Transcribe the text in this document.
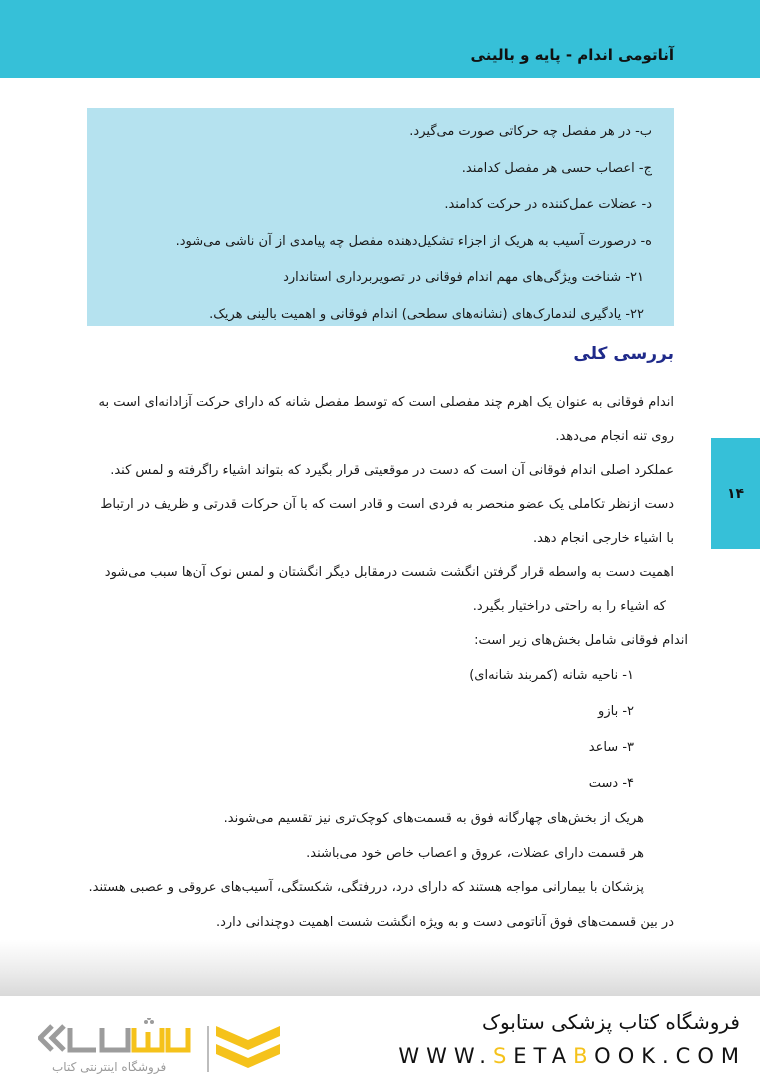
آناتومی اندام - پایه و بالینی
ب- در هر مفصل چه حرکاتی صورت می‌گیرد.
ج- اعصاب حسی هر مفصل کدامند.
د- عضلات عمل‌کننده در حرکت کدامند.
ه- درصورت آسیب به هریک از اجزاء تشکیل‌دهنده مفصل چه پیامدی از آن ناشی می‌شود.
۲۱- شناخت ویژگی‌های مهم اندام فوقانی در تصویربرداری استاندارد
۲۲- یادگیری لندمارک‌های (نشانه‌های سطحی) اندام فوقانی و اهمیت بالینی هریک.
بررسی کلی
اندام فوقانی به عنوان یک اهرم چند مفصلی است که توسط مفصل شانه که دارای حرکت آزادانه‌ای است به
روی تنه انجام می‌دهد.
عملکرد اصلی اندام فوقانی آن است که دست در موقعیتی قرار بگیرد که بتواند اشیاء راگرفته و لمس کند.
دست ازنظر تکاملی یک عضو منحصر به فردی است و قادر است که با آن حرکات قدرتی و ظریف در ارتباط
با اشیاء خارجی انجام دهد.
اهمیت دست به واسطه قرار گرفتن انگشت شست درمقابل دیگر انگشتان و لمس نوک آن‌ها سبب می‌شود
که اشیاء را به راحتی دراختیار بگیرد.
اندام فوقانی شامل بخش‌های زیر است:
۱- ناحیه شانه (کمربند شانه‌ای)
۲- بازو
۳- ساعد
۴- دست
هریک از بخش‌های چهارگانه فوق به قسمت‌های کوچک‌تری نیز تقسیم می‌شوند.
هر قسمت دارای عضلات، عروق و اعصاب خاص خود می‌باشند.
پزشکان با بیمارانی مواجه هستند که دارای درد، دررفتگی، شکستگی، آسیب‌های عروقی و عصبی هستند.
در بین قسمت‌های فوق آناتومی دست و به ویژه انگشت شست اهمیت دوچندانی دارد.
۱۴
فروشگاه کتاب پزشکی ستابوک
WWW.SETABOOK.COM
فروشگاه اینترنتی کتاب
